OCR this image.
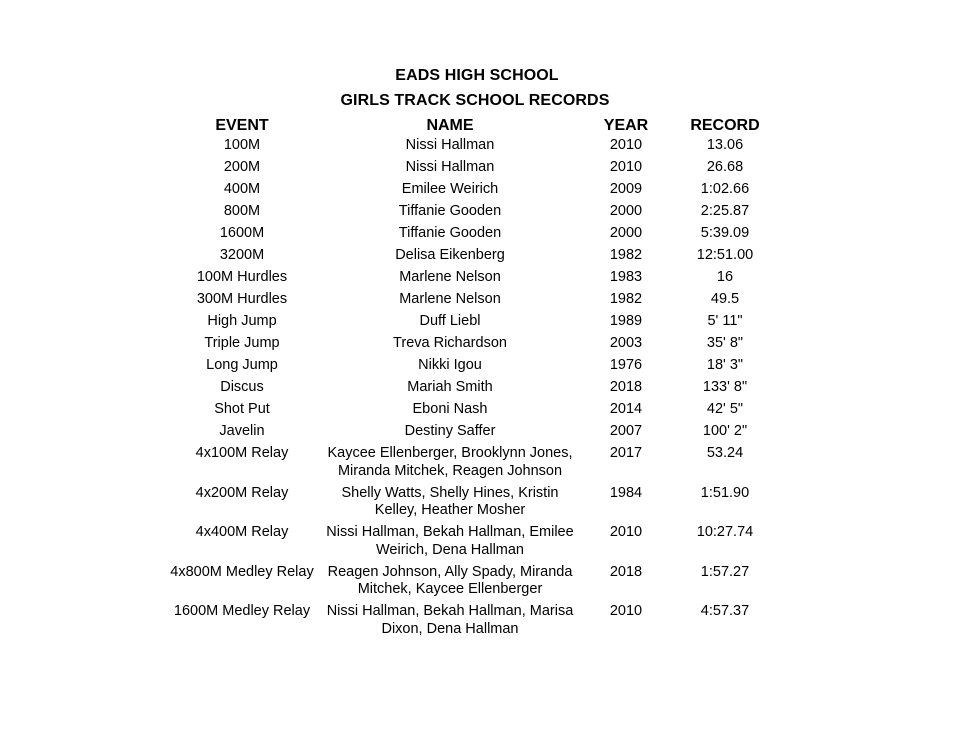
EADS HIGH SCHOOL
GIRLS TRACK SCHOOL RECORDS
EVENT	NAME	YEAR	RECORD
100M	Nissi Hallman	2010	13.06
200M	Nissi Hallman	2010	26.68
400M	Emilee Weirich	2009	1:02.66
800M	Tiffanie Gooden	2000	2:25.87
1600M	Tiffanie Gooden	2000	5:39.09
3200M	Delisa Eikenberg	1982	12:51.00
100M Hurdles	Marlene Nelson	1983	16
300M Hurdles	Marlene Nelson	1982	49.5
High Jump	Duff Liebl	1989	5' 11"
Triple Jump	Treva Richardson	2003	35' 8"
Long Jump	Nikki Igou	1976	18' 3"
Discus	Mariah Smith	2018	133' 8"
Shot Put	Eboni Nash	2014	42' 5"
Javelin	Destiny Saffer	2007	100' 2"
4x100M Relay	Kaycee Ellenberger, Brooklynn Jones,
Miranda Mitchek, Reagen Johnson	2017	53.24
4x200M Relay	Shelly Watts, Shelly Hines, Kristin
Kelley, Heather Mosher	1984	1:51.90
4x400M Relay	Nissi Hallman, Bekah Hallman, Emilee
Weirich, Dena Hallman	2010	10:27.74
4x800M Medley Relay	Reagen Johnson, Ally Spady, Miranda
Mitchek, Kaycee Ellenberger	2018	1:57.27
1600M Medley Relay	Nissi Hallman, Bekah Hallman, Marisa
Dixon, Dena Hallman	2010	4:57.37
